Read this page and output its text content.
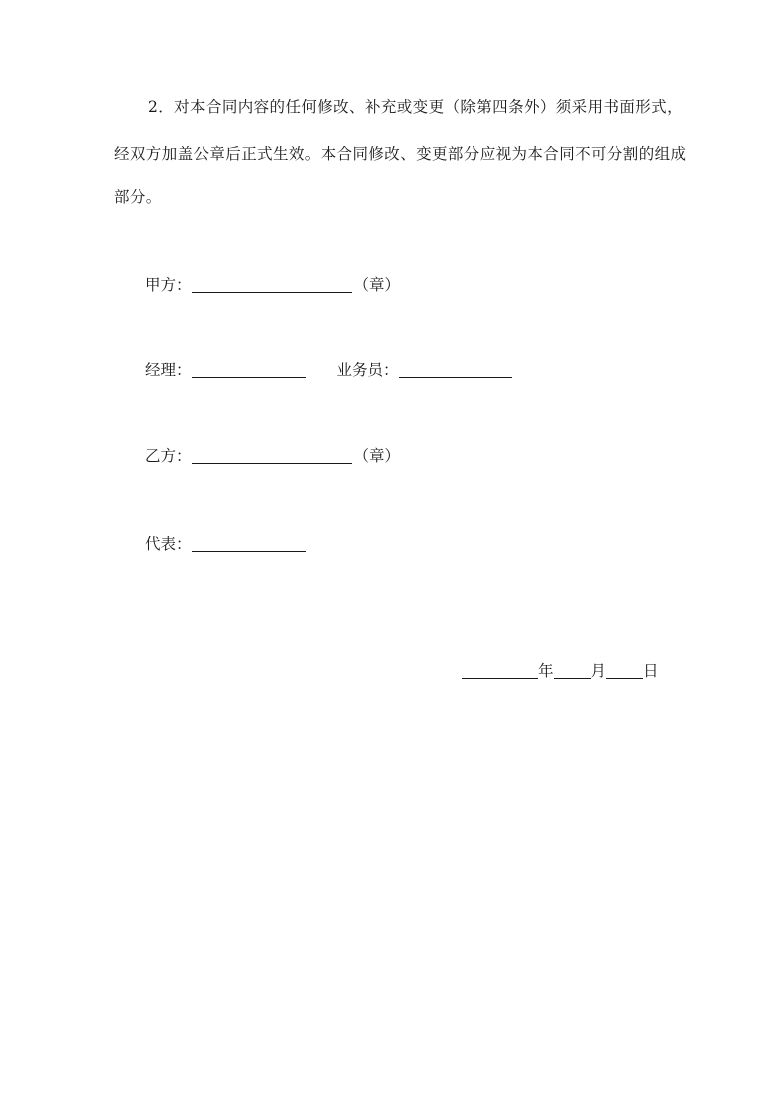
2．对本合同内容的任何修改、补充或变更（除第四条外）须采用书面形式，
经双方加盖公章后正式生效。本合同修改、变更部分应视为本合同不可分割的组成
部分。
甲方：	（章）
经理：	业务员：
乙方：	（章）
代表：
年 月 日
